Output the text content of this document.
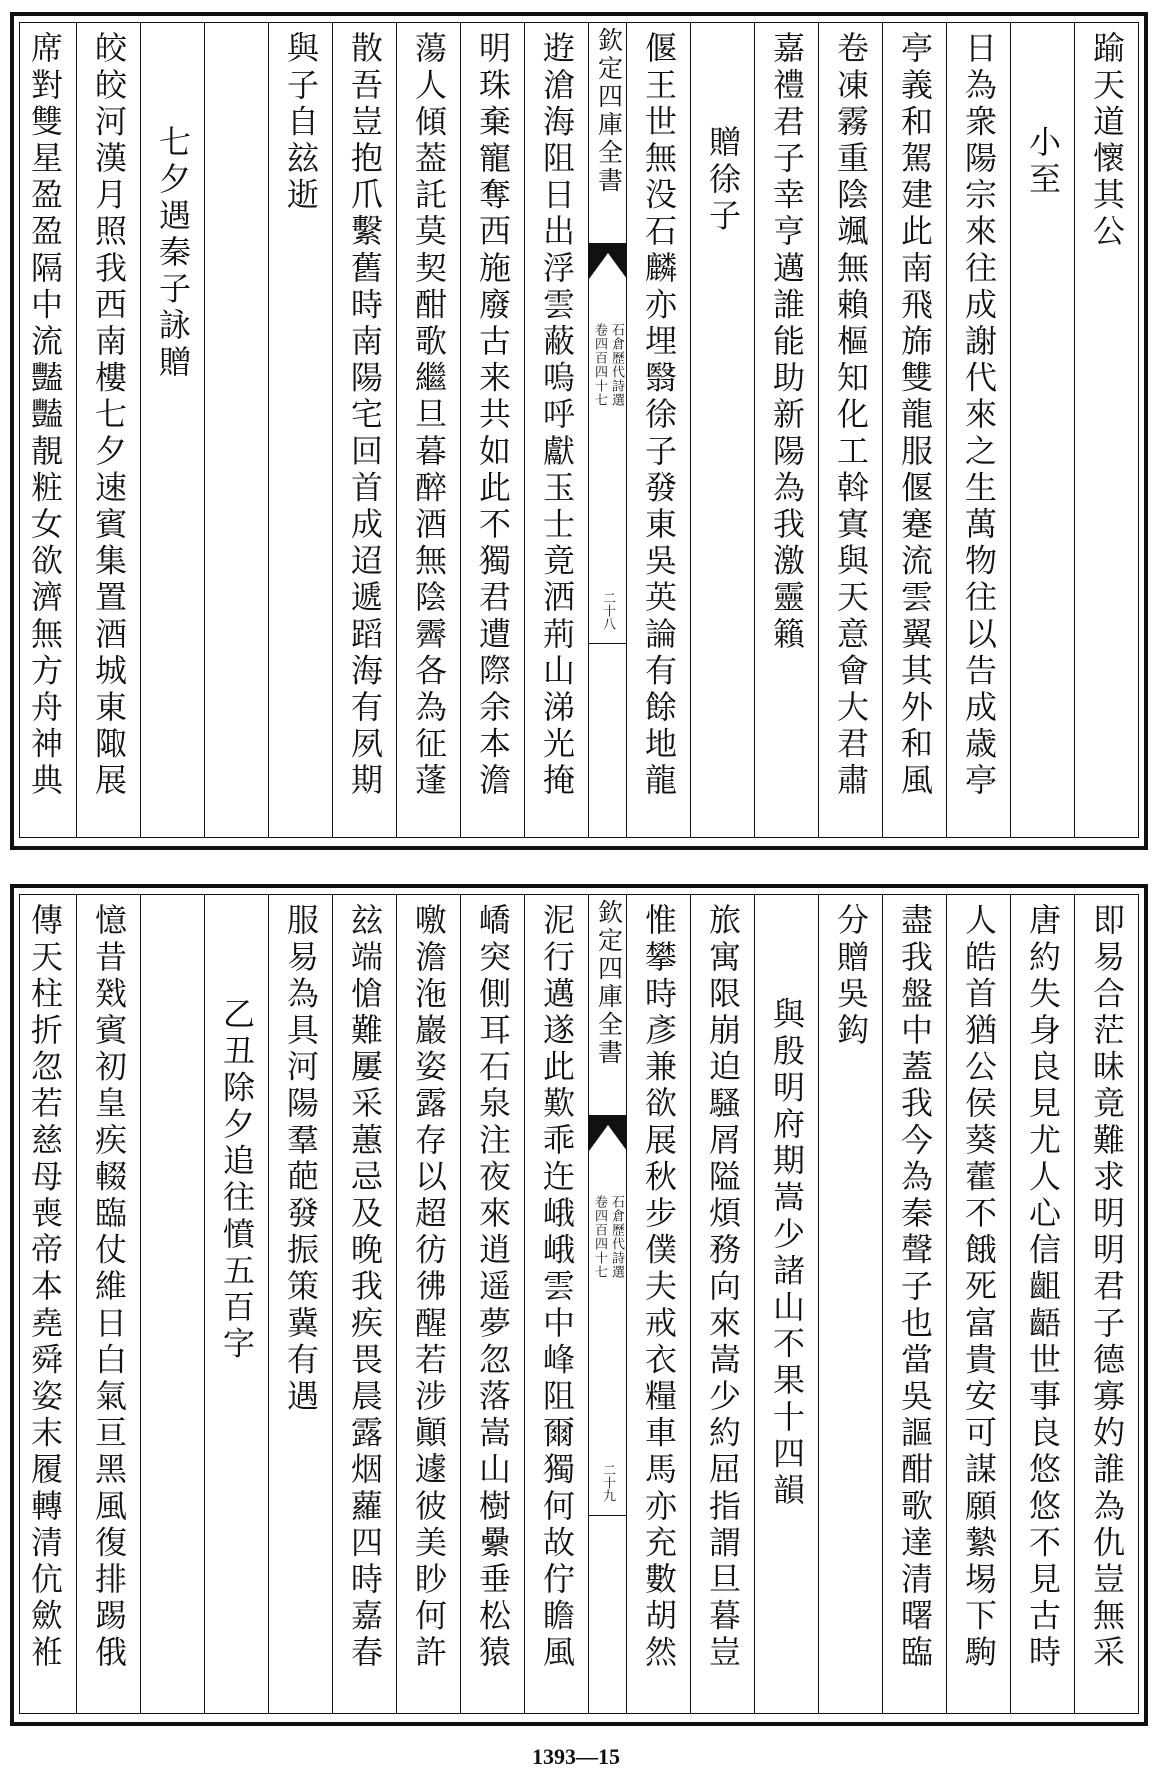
踰天道懷其公
小至
日為衆陽宗來往成謝代來之生萬物往以告成歳亭
亭義和駕建此南飛旆雙龍服偃蹇流雲翼其外和風
卷凍霧重陰颯無賴樞知化工斡寘與天意會大君肅
嘉禮君子幸亨邁誰能助新陽為我激靈籟
贈徐子
偃王世無没石麟亦埋翳徐子發東吳英論有餘地龍
欽定四庫全書
石倉歷代詩選
卷四百四十七
二十八
逰滄海阻日出浮雲蔽嗚呼獻玉士竟洒荊山涕光掩
明珠棄寵奪西施廢古来共如此不獨君遭際余本澹
蕩人傾葢託莫契酣歌繼旦暮醉酒無陰霽各為征蓬
散吾豈抱爪繫舊時南陽宅回首成迢遞蹈海有夙期
與子自玆逝
七夕遇秦子詠贈
皎皎河漢月照我西南樓七夕速賓集置酒城東陬展
席對雙星盈盈隔中流豔豔靚粧女欲濟無方舟神典
即易合茫昧竟難求明明君子德寡妁誰為仇豈無采
唐約失身良見尤人心信齟齬世事良悠悠不見古時
人皓首猶公侯葵藿不餓死富貴安可謀願縶埸下駒
盡我盤中蓋我今為秦聲子也當吳謳酣歌達清曙臨
分贈吳鈎
與殷明府期嵩少諸山不果十四韻
旅寓限崩迫騷屑隘煩務向來嵩少約屈指謂旦暮豈
惟攀時彥兼欲展秋步僕夫戒衣糧車馬亦充數胡然
欽定四庫全書
石倉歷代詩選
卷四百四十七
二十九
泥行邁遂此歎乖迕峨峨雲中峰阻爾獨何故佇瞻風
嶠突側耳石泉注夜來逍遥夢忽落嵩山樹纍垂松猿
噭澹沲巖姿露存以超彷彿醒若涉顚遽彼美眇何許
玆端愴難屢采蕙忌及晚我疾畏晨露烟蘿四時嘉春
服易為具河陽羣葩發振策冀有遇
乙丑除夕追往憤五百字
憶昔戣賓初皇疾輟臨仗維日白氣亘黑風復排踢俄
傳天柱折忽若慈母喪帝本堯舜姿末履轉清伉歛袵
1393—15
